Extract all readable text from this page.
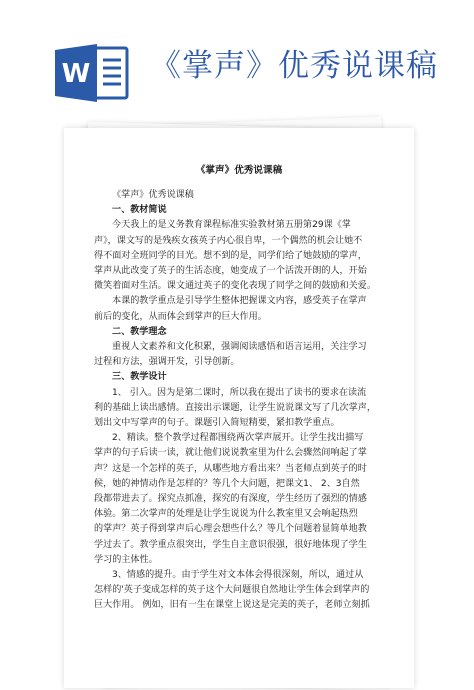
W 《掌声》优秀说课稿
《掌声》优秀说课稿

《掌声》优秀说课稿

一、教材简说

今天我上的是义务教育课程标准实验教材第五册第29课《掌

声》，课文写的是残疾女孩英子内心很自卑，一个偶然的机会让她不

得不面对全班同学的目光。想不到的是，同学们给了她鼓励的掌声，

掌声从此改变了英子的生活态度，她变成了一个活泼开朗的人，开始

微笑着面对生活。课文通过英子的变化表现了同学之间的鼓励和关爱。

本课的教学重点是引导学生整体把握课文内容，感受英子在掌声

前后的变化，从而体会到掌声的巨大作用。

二、教学理念

重视人文素养和文化积累，强调阅读感悟和语言运用，关注学习

过程和方法，强调开发，引导创新。

三、教学设计

1、 引入。因为是第二课时，所以我在提出了读书的要求在读流

利的基础上读出感情。直接出示课题，让学生说说课文写了几次掌声，

划出文中写掌声的句子。课题引入简短精要，紧扣教学重点。

2、精读。整个教学过程都围绕两次掌声展开。让学生找出描写

掌声的句子后读一读，就让他们说说教室里为什么会骤然间响起了掌

声？这是一个怎样的英子，从哪些地方看出来？当老师点到英子的时

候，她的神情动作是怎样的？等几个大问题，把课文1、 2、3自然

段都带进去了。探究点抓准，探究的有深度，学生经历了强烈的情感

体验。第二次掌声的处理是让学生说说为什么教室里又会响起热烈

的掌声？英子得到掌声后心理会想些什么？等几个问题着显简单地教

学过去了。教学重点很突出，学生自主意识很强，很好地体现了学生

学习的主体性。

3、情感的提升。由于学生对文本体会得很深刻，所以，通过从

怎样的'英子变成怎样的英子这个大问题很自然地让学生体会到掌声的

巨大作用。 例如，旧有一生在课堂上说这是完美的英子，老师立刻抓
